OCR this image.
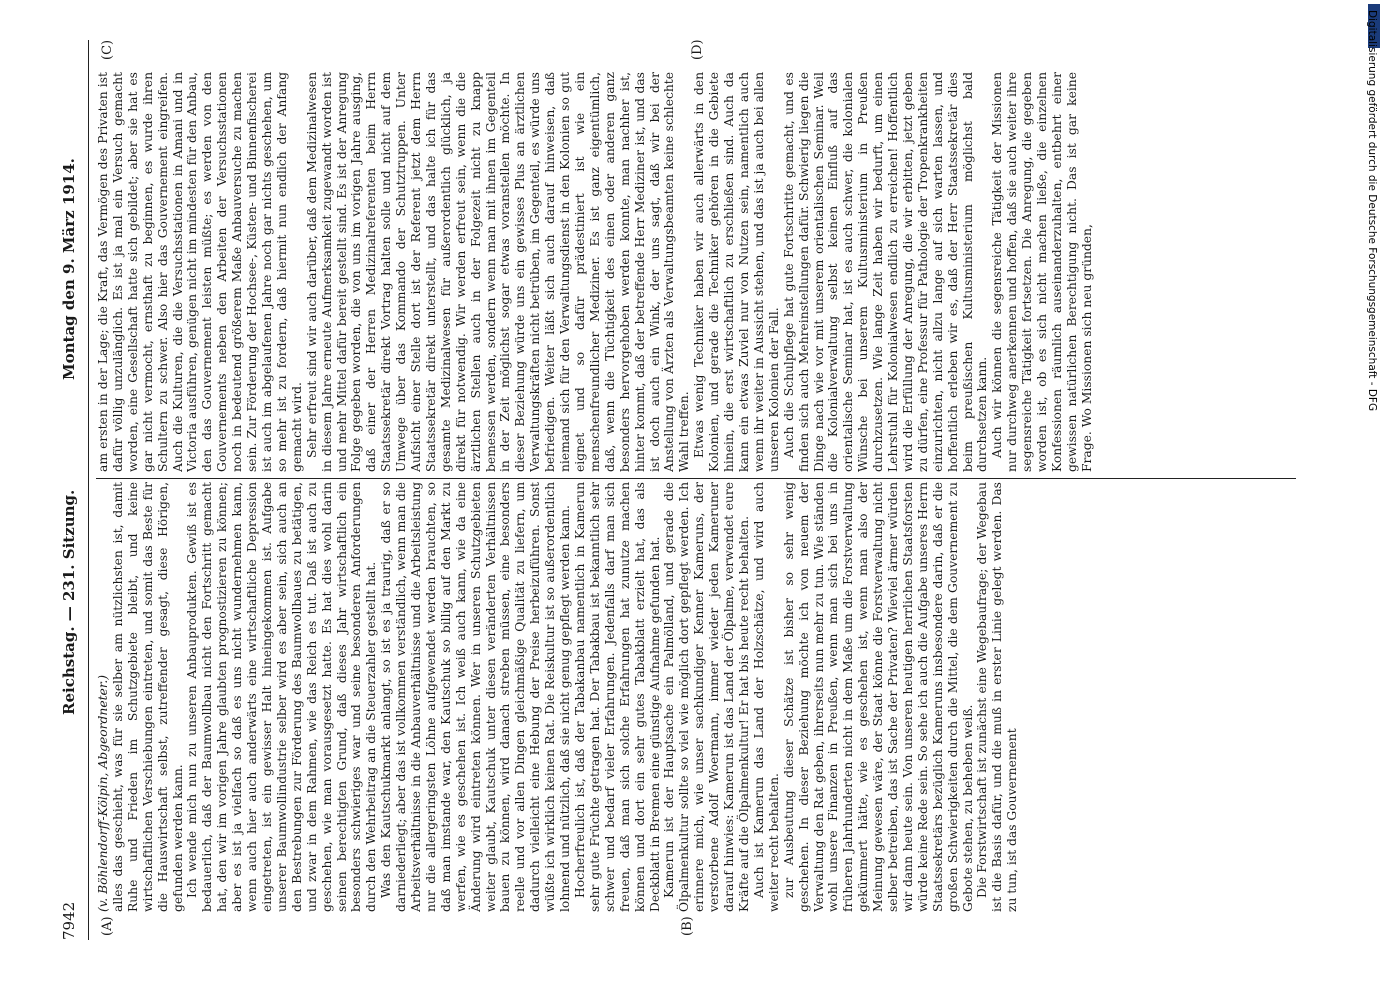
7942
Reichstag. — 231. Sitzung.
Montag den 9. März 1914.

(v. Böhlendorff-Kölpin, Abgeordneter.) alles das geschieht, was für sie selber am nützlichsten ist, damit Ruhe und Frieden im Schutzgebiete bleibt, und keine wirtschaftlichen Verschiebungen eintreten, und somit das Beste für die Hauswirtschaft selbst, zutreffender gesagt, diese Hörigen, gefunden werden kann. Ich wende mich nun zu unseren Anbauprodukten. Gewiß ist es bedauerlich, daß der Baumwollbau nicht den Fortschritt gemacht hat, den wir im vorigen Jahre glaubten prognostizieren zu können; aber es ist ja vielfach so daß es uns nicht wundernehmen kann, wenn auch hier auch anderwärts eine wirtschaftliche Depression eingetreten, ist ein gewisser Halt hineingekommen ist. Aufgabe unserer Baumwollindustrie selber wird es aber sein, sich auch an den Bestrebungen zur Förderung des Baumwollbaues zu betätigen, und zwar in dem Rahmen, wie das Reich es tut. Daß ist auch zu geschehen, wie man vorausgesetzt hatte. Es hat dies wohl darin seinen berechtigten Grund, daß dieses Jahr wirtschaftlich ein besonders schwieriges war und seine besonderen Anforderungen durch den Wehrbeitrag an die Steuerzahler gestellt hat. Was den Kautschukmarkt anlangt, so ist es ja traurig, daß er so darniederliegt; aber das ist vollkommen verständlich, wenn man die Arbeitsverhältnisse in die Anbauverhältnisse und die Arbeitsleistung nur die allergeringsten Löhne aufgewendet werden brauchten, so daß man imstande war, den Kautschuk so billig auf den Markt zu werfen, wie es geschehen ist. Ich weiß auch kann, wie da eine Änderung wird eintreten können. Wer in unseren Schutzgebieten weiter glaubt, Kautschuk unter diesen veränderten Verhältnissen bauen zu können, wird danach streben müssen, eine besonders reelle und vor allen Dingen gleichmäßige Qualität zu liefern, um dadurch vielleicht eine Hebung der Preise herbeizuführen. Sonst wüßte ich wirklich keinen Rat. Die Reiskultur ist so außerordentlich lohnend und nützlich, daß sie nicht genug gepflegt werden kann. Hocherfreulich ist, daß der Tabakanbau namentlich in Kamerun sehr gute Früchte getragen hat. Der Tabakbau ist bekanntlich sehr schwer und bedarf vieler Erfahrungen. Jedenfalls darf man sich freuen, daß man sich solche Erfahrungen hat zunutze machen können und dort ein sehr gutes Tabakblatt erzielt hat, das als Deckblatt in Bremen eine günstige Aufnahme gefunden hat. Kamerun ist der Hauptsache ein Palmölland, und gerade die Ölpalmenkultur sollte so viel wie möglich dort gepflegt werden. Ich erinnere mich, wie unser sachkundiger Kenner Kameruns, der verstorbene Adolf Woermann, immer wieder jeden Kameruner darauf hinwies: Kamerun ist das Land der Ölpalme, verwendet eure Kräfte auf die Ölpalmenkultur! Er hat bis heute recht behalten. Auch ist Kamerun das Land der Holzschätze, und wird auch weiter recht behalten. zur Ausbeutung dieser Schätze ist bisher so sehr wenig geschehen. In dieser Beziehung möchte ich von neuem der Verwaltung den Rat geben, ihrerseits nun mehr zu tun. Wie ständen wohl unsere Finanzen in Preußen, wenn man sich bei uns in früheren Jahrhunderten nicht in dem Maße um die Forstverwaltung gekümmert hätte, wie es geschehen ist, wenn man also der Meinung gewesen wäre, der Staat könne die Forstverwaltung nicht selber betreiben, das ist Sache der Privaten? Wieviel ärmer würden wir dann heute sein. Von unseren heutigen herrlichen Staatsforsten würde keine Rede sein. So sehe ich auch die Aufgabe unseres Herrn Staatssekretärs bezüglich Kameruns insbesondere darin, daß er die großen Schwierigkeiten durch die Mittel, die dem Gouvernement zu Gebote stehen, zu beheben weiß. Die Forstwirtschaft ist zunächst eine Wegebaufrage; der Wegebau ist die Basis dafür, und die muß in erster Linie gelegt werden. Das zu tun, ist das Gouvernement

am ersten in der Lage; die Kraft, das Vermögen des Privaten ist dafür völlig unzulänglich. Es ist ja mal ein Versuch gemacht worden, eine Gesellschaft hatte sich gebildet; aber sie hat es gar nicht vermocht, ernsthaft zu beginnen, es wurde ihren Schultern zu schwer. Also hier das Gouvernement eingreifen. Auch die Kulturen, die die Versuchsstationen in Amani und in Victoria ausführen, genügen nicht im mindesten für den Anbau, den das Gouvernement leisten müßte; es werden von den Gouvernements neben den Arbeiten der Versuchsstationen noch in bedeutend größerem Maße Anbauversuche zu machen sein. Zur Förderung der Hochsee-, Küsten- und Binnenfischerei ist auch im abgelaufenen Jahre noch gar nichts geschehen, um so mehr ist zu fordern, daß hiermit nun endlich der Anfang gemacht wird. Sehr erfreut sind wir auch darüber, daß dem Medizinalwesen in diesem Jahre erneute Aufmerksamkeit zugewandt worden ist und mehr Mittel dafür bereit gestellt sind. Es ist der Anregung Folge gegeben worden, die von uns im vorigen Jahre ausging, daß einer der Herren Medizinalreferenten beim Herrn Staatssekretär direkt Vortrag halten solle und nicht auf dem Umwege über das Kommando der Schutztruppen. Unter Aufsicht einer Stelle dort ist der Referent jetzt dem Herrn Staatssekretär direkt unterstellt, und das halte ich für das gesamte Medizinalwesen für außerordentlich glücklich, ja direkt für notwendig. Wir werden erfreut sein, wenn die die ärztlichen Stellen auch in der Folgezeit nicht zu knapp bemessen werden, sondern wenn man mit ihnen im Gegenteil in der Zeit möglichst sogar etwas voranstellen möchte. In dieser Beziehung würde uns ein gewisses Plus an ärztlichen Verwaltungskräften nicht betrüben, im Gegenteil, es würde uns befriedigen. Weiter läßt sich auch darauf hinweisen, daß niemand sich für den Verwaltungsdienst in den Kolonien so gut eignet und so dafür prädestiniert ist wie ein menschenfreundlicher Mediziner. Es ist ganz eigentümlich, daß, wenn die Tüchtigkeit des einen oder anderen ganz besonders hervorgehoben werden konnte, man nachher ist, hinter kommt, daß der betreffende Herr Mediziner ist, und das ist doch auch ein Wink, der uns sagt, daß wir bei der Anstellung von Ärzten als Verwaltungsbeamten keine schlechte Wahl treffen. Etwas wenig Techniker haben wir auch allerwärts in den Kolonien, und gerade die Techniker gehören in die Gebiete hinein, die erst wirtschaftlich zu erschließen sind. Auch da kann ein etwas Zuviel nur von Nutzen sein, namentlich auch wenn ihr weiter in Aussicht stehen, und das ist ja auch bei allen unseren Kolonien der Fall. Auch die Schulpflege hat gute Fortschritte gemacht, und es finden sich auch Mehreinstellungen dafür. Schwierig liegen die Dinge nach wie vor mit unserem orientalischen Seminar. Weil die Kolonialverwaltung selbst keinen Einfluß auf das orientalische Seminar hat, ist es auch schwer, die kolonialen Wünsche bei unserem Kultusministerium in Preußen durchzusetzen. Wie lange Zeit haben wir bedurft, um einen Lehrstuhl für Kolonialwesen endlich zu erreichen! Hoffentlich wird die Erfüllung der Anregung, die wir erbitten, jetzt geben zu dürfen, eine Professur für Pathologie der Tropenkrankheiten einzurichten, nicht allzu lange auf sich warten lassen, und hoffentlich erleben wir es, daß der Herr Staatssekretär dies beim preußischen Kultusministerium möglichst bald durchsetzen kann. Auch wir können die segensreiche Tätigkeit der Missionen nur durchweg anerkennen und hoffen, daß sie auch weiter ihre segensreiche Tätigkeit fortsetzen. Die Anregung, die gegeben worden ist, ob es sich nicht machen ließe, die einzelnen Konfessionen räumlich auseinanderzuhalten, entbehrt einer gewissen natürlichen Berechtigung nicht. Das ist gar keine Frage. Wo Missionen sich neu gründen,

(A)	(B)
(C)	(D)	Digitalisierung gefördert durch die Deutsche Forschungsgemeinschaft - DFG
